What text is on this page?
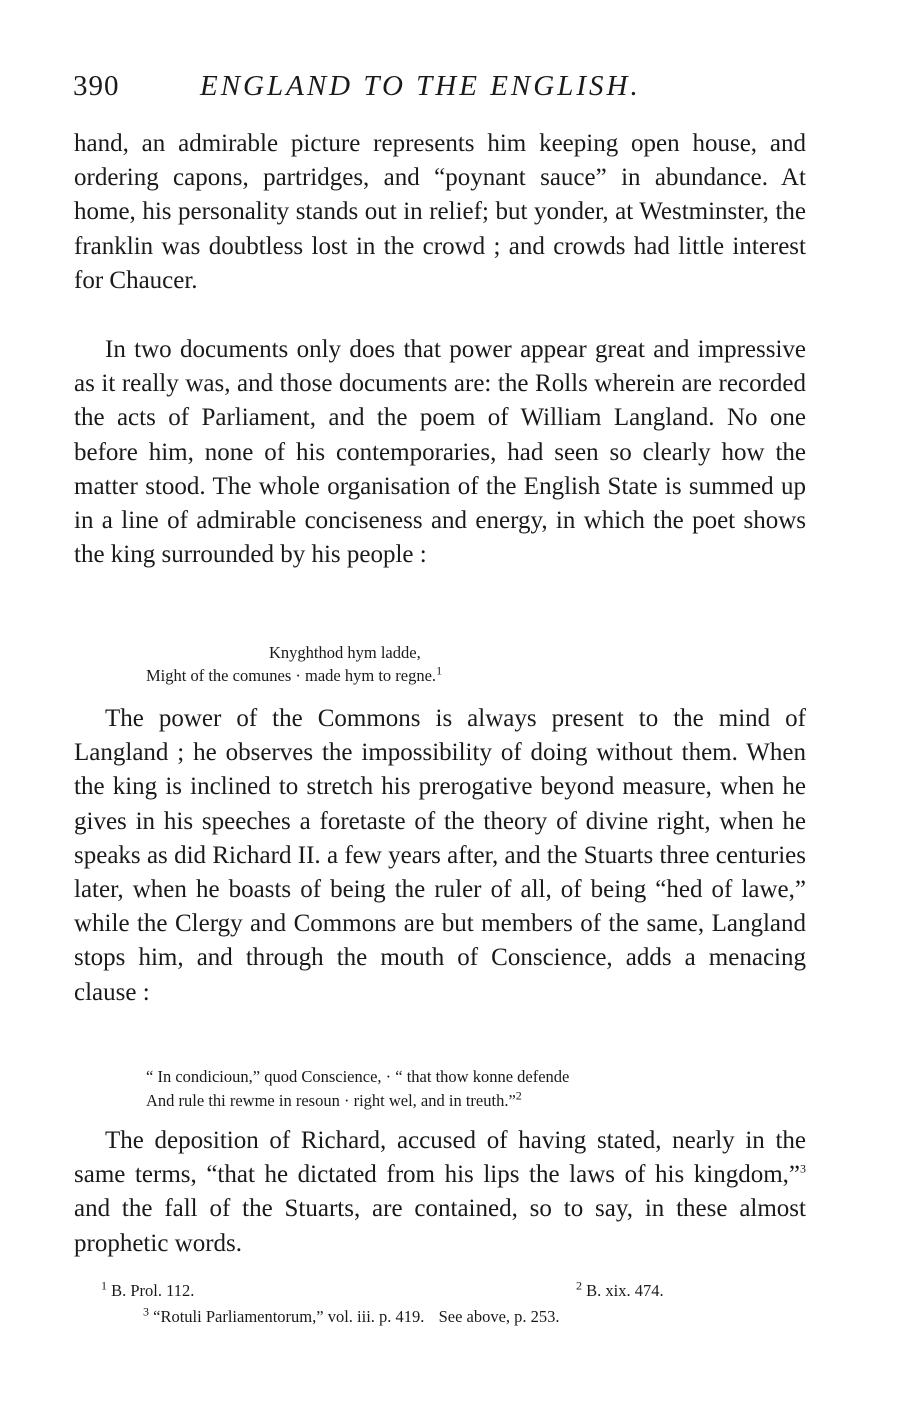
390	ENGLAND TO THE ENGLISH.

hand, an admirable picture represents him keeping open house, and ordering capons, partridges, and “poynant sauce” in abundance. At home, his personality stands out in relief; but yonder, at Westminster, the franklin was doubtless lost in the crowd ; and crowds had little interest for Chaucer.

In two documents only does that power appear great and impressive as it really was, and those documents are: the Rolls wherein are recorded the acts of Parliament, and the poem of William Langland. No one before him, none of his contemporaries, had seen so clearly how the matter stood. The whole organisation of the English State is summed up in a line of admirable conciseness and energy, in which the poet shows the king surrounded by his people :

Knyghthod hym ladde,
Might of the comunes · made hym to regne.$^1$

The power of the Commons is always present to the mind of Langland ; he observes the impossibility of doing without them. When the king is inclined to stretch his prerogative beyond measure, when he gives in his speeches a foretaste of the theory of divine right, when he speaks as did Richard II. a few years after, and the Stuarts three centuries later, when he boasts of being the ruler of all, of being “hed of lawe,” while the Clergy and Commons are but members of the same, Langland stops him, and through the mouth of Conscience, adds a menacing clause :

“ In condicioun,” quod Conscience, · “ that thow konne defende
And rule thi rewme in resoun · right wel, and in treuth.”$^2$

The deposition of Richard, accused of having stated, nearly in the same terms, “that he dictated from his lips the laws of his kingdom,”$^3$ and the fall of the Stuarts, are contained, so to say, in these almost prophetic words.

$^1$ B. Prol. 112.	$^2$ B. xix. 474.
$^3$ “Rotuli Parliamentorum,” vol. iii. p. 419. See above, p. 253.
